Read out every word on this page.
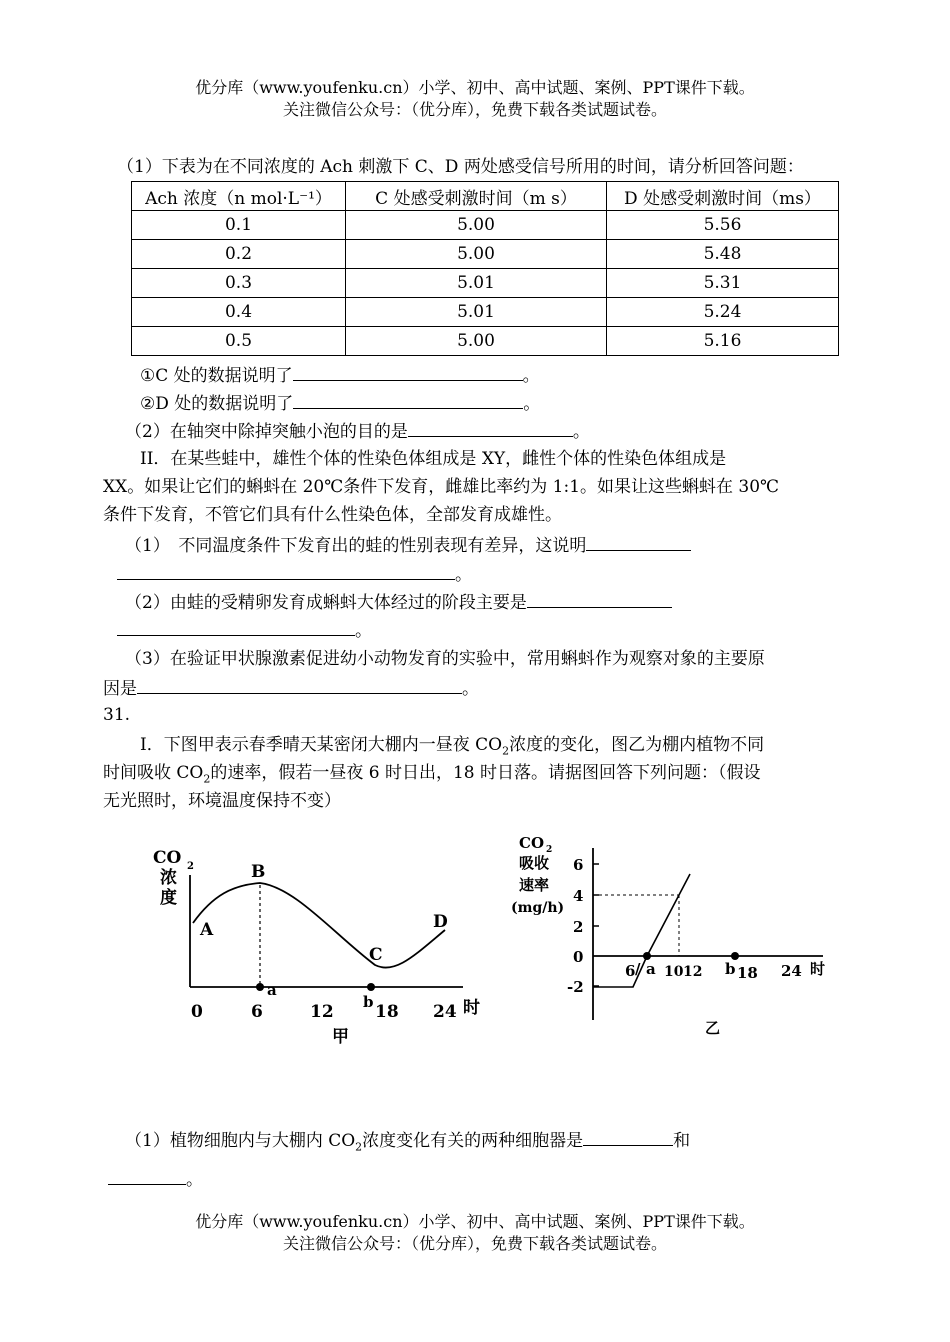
优分库（www.youfenku.cn）小学、初中、高中试题、案例、PPT课件下载。
关注微信公众号：（优分库），免费下载各类试题试卷。
（1）下表为在不同浓度的 Ach 刺激下 C、D 两处感受信号所用的时间，请分析回答问题：
Ach 浓度（n mol·L⁻¹）	C 处感受刺激时间（m s）	D 处感受刺激时间（ms）
0.1	5.00	5.56
0.2	5.00	5.48
0.3	5.01	5.31
0.4	5.01	5.24
0.5	5.00	5.16
①C 处的数据说明了	。
②D 处的数据说明了	。
（2）在轴突中除掉突触小泡的目的是	。
II．在某些蛙中，雄性个体的性染色体组成是 XY，雌性个体的性染色体组成是
XX。如果让它们的蝌蚪在 20℃条件下发育，雌雄比率约为 1:1。如果让这些蝌蚪在 30℃
条件下发育，不管它们具有什么性染色体，全部发育成雄性。
（1）　不同温度条件下发育出的蛙的性别表现有差异，这说明
。
（2）由蛙的受精卵发育成蝌蚪大体经过的阶段主要是
。
（3）在验证甲状腺激素促进幼小动物发育的实验中，常用蝌蚪作为观察对象的主要原
因是	。
31.
I．下图甲表示春季晴天某密闭大棚内一昼夜 $CO_2$浓度的变化，图乙为棚内植物不同
时间吸收 $CO_2$的速率，假若一昼夜 6 时日出，18 时日落。请据图回答下列问题：（假设
无光照时，环境温度保持不变）
CO 2
浓
度
A
B
C
D
a
b
0	6	12 18 24 时
甲
CO 2
吸收
速率
(mg/h)
6
4
2
0
-2
6 / a 10 12 b 18 24 时
乙
（1）植物细胞内与大棚内 $CO_2$浓度变化有关的两种细胞器是	和
。
优分库（www.youfenku.cn）小学、初中、高中试题、案例、PPT课件下载。
关注微信公众号：（优分库），免费下载各类试题试卷。
